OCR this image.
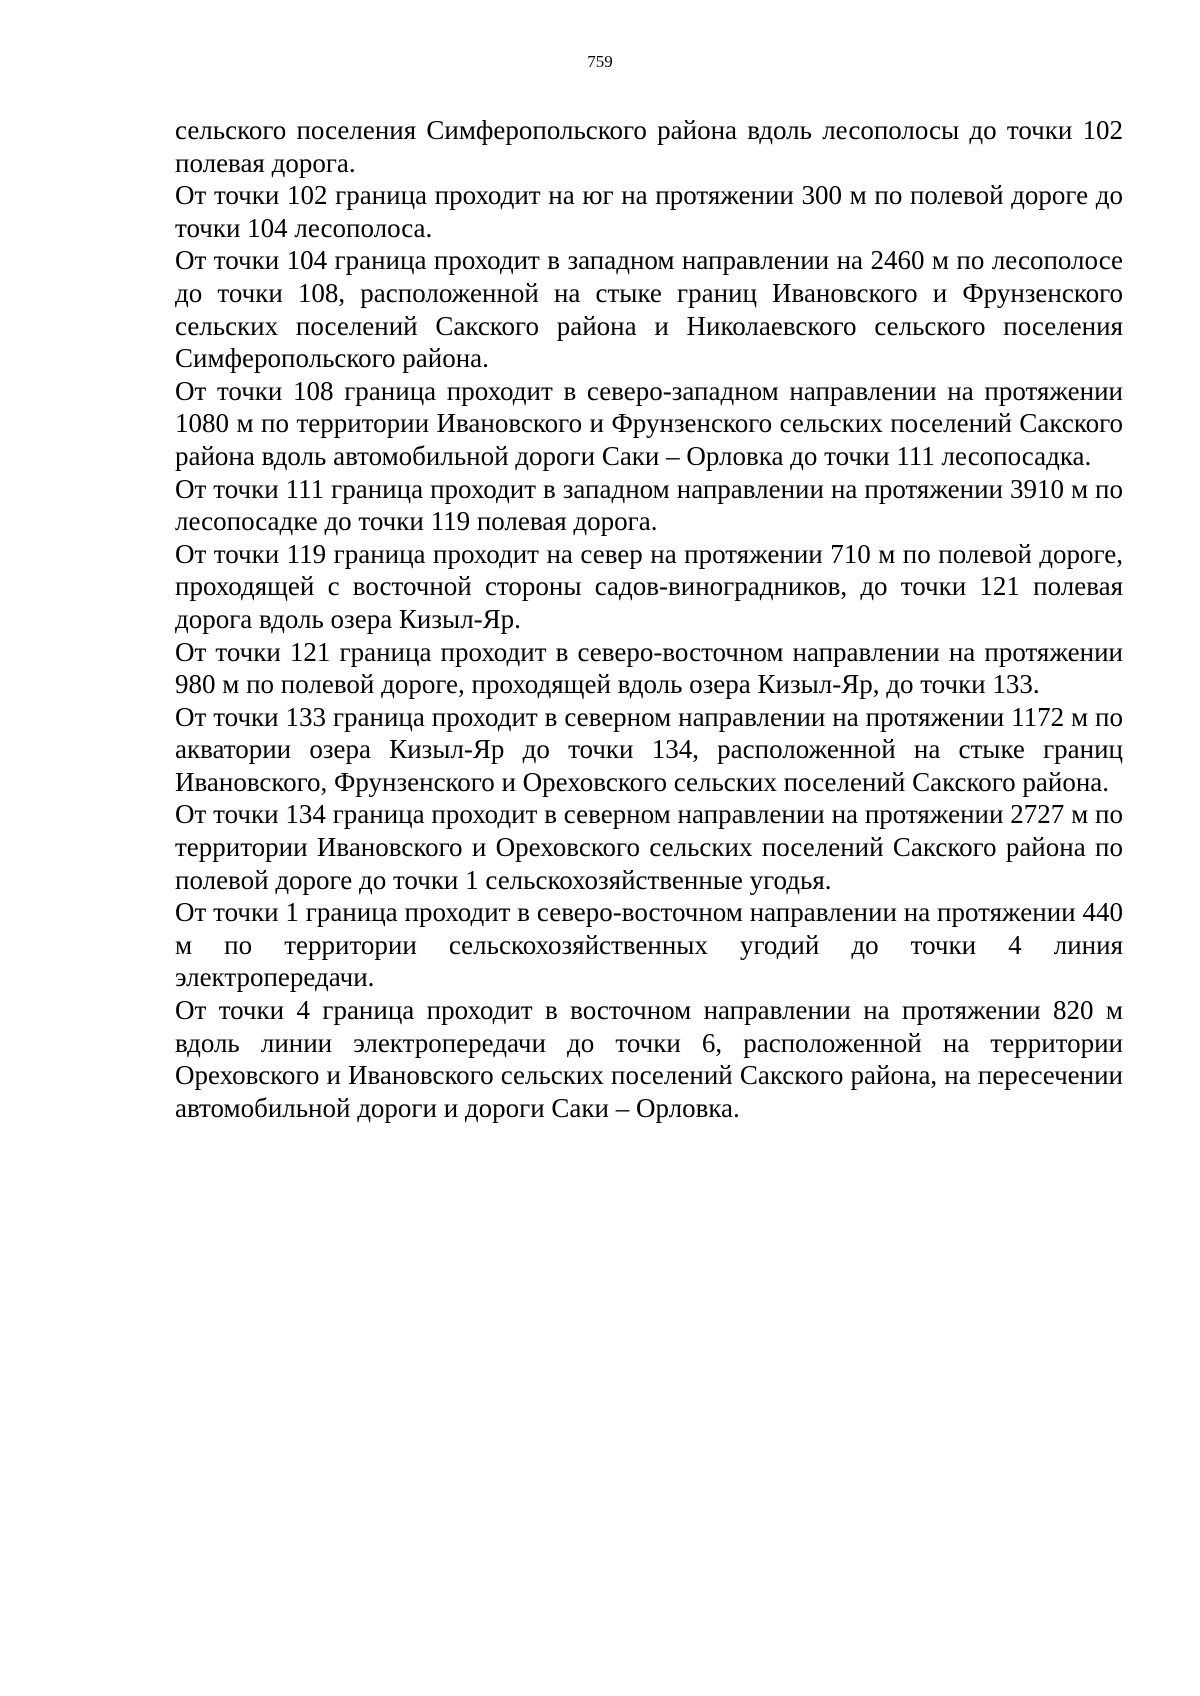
759

сельского поселения Симферопольского района вдоль лесополосы до точки 102 полевая дорога.

От точки 102 граница проходит на юг на протяжении 300 м по полевой дороге до точки 104 лесополоса.

От точки 104 граница проходит в западном направлении на 2460 м по лесополосе до точки 108, расположенной на стыке границ Ивановского и Фрунзенского сельских поселений Сакского района и Николаевского сельского поселения Симферопольского района.

От точки 108 граница проходит в северо-западном направлении на протяжении 1080 м по территории Ивановского и Фрунзенского сельских поселений Сакского района вдоль автомобильной дороги Саки – Орловка до точки 111 лесопосадка.

От точки 111 граница проходит в западном направлении на протяжении 3910 м по лесопосадке до точки 119 полевая дорога.

От точки 119 граница проходит на север на протяжении 710 м по полевой дороге, проходящей с восточной стороны садов-виноградников, до точки 121 полевая дорога вдоль озера Кизыл-Яр.

От точки 121 граница проходит в северо-восточном направлении на протяжении 980 м по полевой дороге, проходящей вдоль озера Кизыл-Яр, до точки 133.

От точки 133 граница проходит в северном направлении на протяжении 1172 м по акватории озера Кизыл-Яр до точки 134, расположенной на стыке границ Ивановского, Фрунзенского и Ореховского сельских поселений Сакского района.

От точки 134 граница проходит в северном направлении на протяжении 2727 м по территории Ивановского и Ореховского сельских поселений Сакского района по полевой дороге до точки 1 сельскохозяйственные угодья.

От точки 1 граница проходит в северо-восточном направлении на протяжении 440 м по территории сельскохозяйственных угодий до точки 4 линия электропередачи.

От точки 4 граница проходит в восточном направлении на протяжении 820 м вдоль линии электропередачи до точки 6, расположенной на территории Ореховского и Ивановского сельских поселений Сакского района, на пересечении автомобильной дороги и дороги Саки – Орловка.
